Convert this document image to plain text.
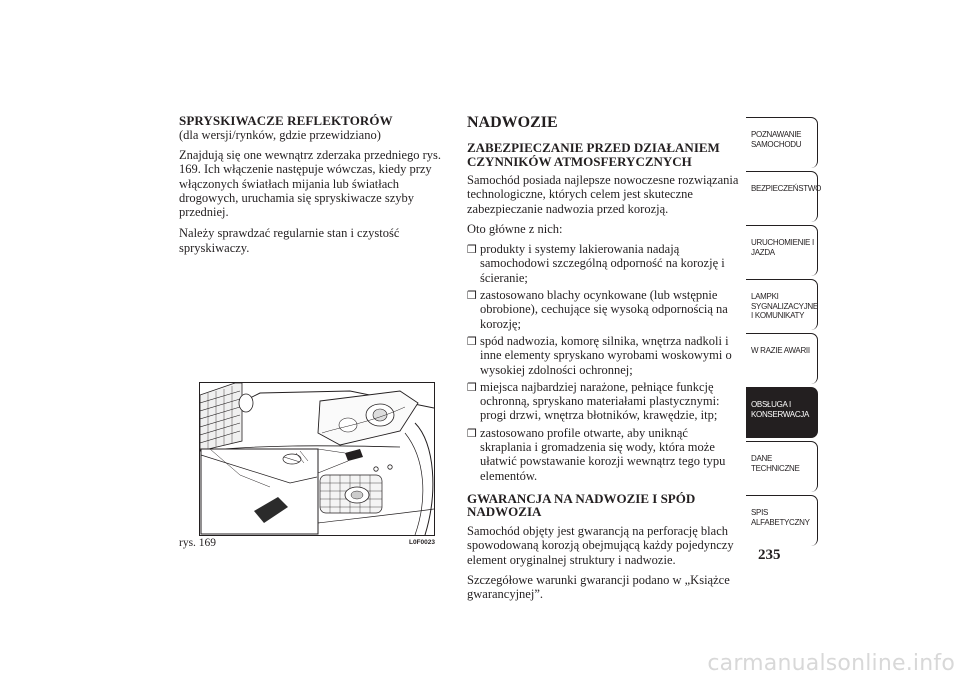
SPRYSKIWACZE REFLEKTORÓW
(dla wersji/rynków, gdzie przewidziano)

Znajdują się one wewnątrz zderzaka przedniego rys. 169. Ich włączenie następuje wówczas, kiedy przy włączonych światłach mijania lub światłach drogowych, uruchamia się spryskiwacze szyby przedniej.

Należy sprawdzać regularnie stan i czystość spryskiwaczy.

rys. 169	L0F0023
NADWOZIE
ZABEZPIECZANIE PRZED DZIAŁANIEM CZYNNIKÓW ATMOSFERYCZNYCH

Samochód posiada najlepsze nowoczesne rozwiązania technologiczne, których celem jest skuteczne zabezpieczanie nadwozia przed korozją.

Oto główne z nich:

❒ produkty i systemy lakierowania nadają samochodowi szczególną odporność na korozję i ścieranie;
❒ zastosowano blachy ocynkowane (lub wstępnie obrobione), cechujące się wysoką odpornością na korozję;
❒ spód nadwozia, komorę silnika, wnętrza nadkoli i inne elementy spryskano wyrobami woskowymi o wysokiej zdolności ochronnej;
❒ miejsca najbardziej narażone, pełniące funkcję ochronną, spryskano materiałami plastycznymi: progi drzwi, wnętrza błotników, krawędzie, itp;
❒ zastosowano profile otwarte, aby uniknąć skraplania i gromadzenia się wody, która może ułatwić powstawanie korozji wewnątrz tego typu elementów.
GWARANCJA NA NADWOZIE I SPÓD NADWOZIA

Samochód objęty jest gwarancją na perforację blach spowodowaną korozją obejmującą każdy pojedynczy element oryginalnej struktury i nadwozie.

Szczegółowe warunki gwarancji podano w „Książce gwarancyjnej”.

POZNAWANIE SAMOCHODU
BEZPIECZEŃSTWO
URUCHOMIENIE I JAZDA
LAMPKI SYGNALIZACYJNE I KOMUNIKATY
W RAZIE AWARII
OBSŁUGA I KONSERWACJA
DANE TECHNICZNE
SPIS ALFABETYCZNY
235
carmanualsonline.info
